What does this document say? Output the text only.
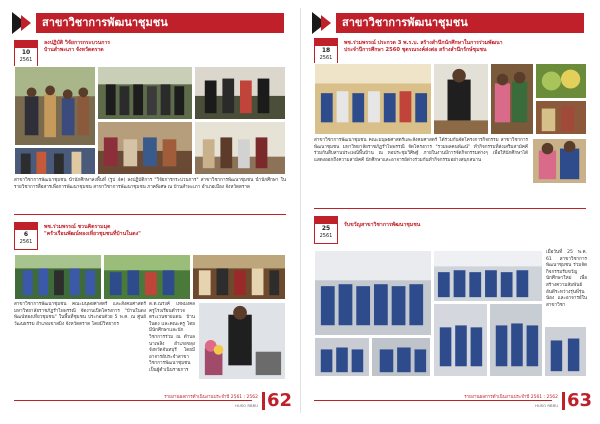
สาขาวิชาการพัฒนาชุมชน
10
2561
ลงปฏิบัติ วิจัยการกระบวนการ
บ้านสำพะเภา จังหวัดตราด
สาขาวิชาการพัฒนาชุมชน นำนักศึกษาลงพื้นที่ (รูป 4ค) ลงปฏิบัติการ "วิจัยการกระบวนการ" สาขาวิชาการพัฒนาชุมชน นำนักศึกษา ในรายวิชาการสื่อสารเพื่อการพัฒนาชุมชน สาขาวิชาการพัฒนาชุมชน ภาคพิเศษ ณ บ้านสำพะเภา อำเภอเมือง จังหวัดตราด
6
2561
พช.ร่วมพรรณ์ ชวนคิดรามมุด
"ครัวเรือนพัฒน์ทองเที่ยวชุมชนที่บ้านในดง"
สาขาวิชาการพัฒนาชุมชน คณะมนุษยศาสตร์ และสังคมศาสตร์ มหาวิทยาลัยราชภัฏรำไพพรรณี จัดงานเปิดโครงการ "บ้านในดงพัฒน์ทองเที่ยวชุมชน" ในพื้นที่ชุมชน ประกอบด้วย 5 พ.ค. ณ ศูนย์วัฒนธรรม อำเภอเขาสมิง จังหวัดตราด โดยมีวิทยากร
ด.ต.ณรงค์ เทพมงคล ครูโรงเรียนตำรวจตระเวนชายแดน บ้านในดง และคณะครู โดยมีนักศึกษาและนักวิชาการร่วม ณ ตำบลนาเพลิง อำเภอขลุง จังหวัดจันทบุรี โดยมี อาจารย์ประจำสาขาวิชาการพัฒนาชุมชนเป็นผู้ดำเนินรายการ
รายงานผลการดำเนินงานประจำปี 2561 : 2562
HUSO RBRU 62
สาขาวิชาการพัฒนาชุมชน
18
2561
พช.ร่วมพรรณ์ ประกวด 3 พ.ร.บ. สร้างสำนึกนักศึกษาในการร่วมพัฒนา
ประจำปีการศึกษา 2560 ชุดรณรงค์ส่งต่อ สร้างสำนึกรักษ์ชุมชน
สาขาวิชาการพัฒนาชุมชน คณะมนุษยศาสตร์และสังคมศาสตร์ ได้ร่วมกันจัดโครงการกิจกรรม สาขาวิชาการพัฒนาชุมชน มหาวิทยาลัยราชภัฏรำไพพรรณี จัดโครงการ "รวมพลคนพัฒน์" ทำกิจกรรมที่ส่งเสริมสามัคคี ร่วมกันสืบสานประเพณีพื้นบ้าน ณ หอประชุมวิศิษฐ์ ภายในงานมีการจัดกิจกรรมต่างๆ เพื่อให้นักศึกษาได้แสดงออกถึงความสามัคคี นักศึกษาและอาจารย์ต่างร่วมกันทำกิจกรรมอย่างสนุกสนาน
25
2561
รับขวัญสาขาวิชาการพัฒนาชุมชน
เมื่อวันที่ 25 พ.ค. 61 สาขาวิชาการพัฒนาชุมชน ร่วมจัดกิจกรรมรับขวัญนักศึกษาใหม่ เพื่อสร้างความสัมพันธ์อันดีระหว่างรุ่นพี่รุ่นน้อง และอาจารย์ในสาขาวิชา
รายงานผลการดำเนินงานประจำปี 2561 : 2562
HUSO RBRU 63
